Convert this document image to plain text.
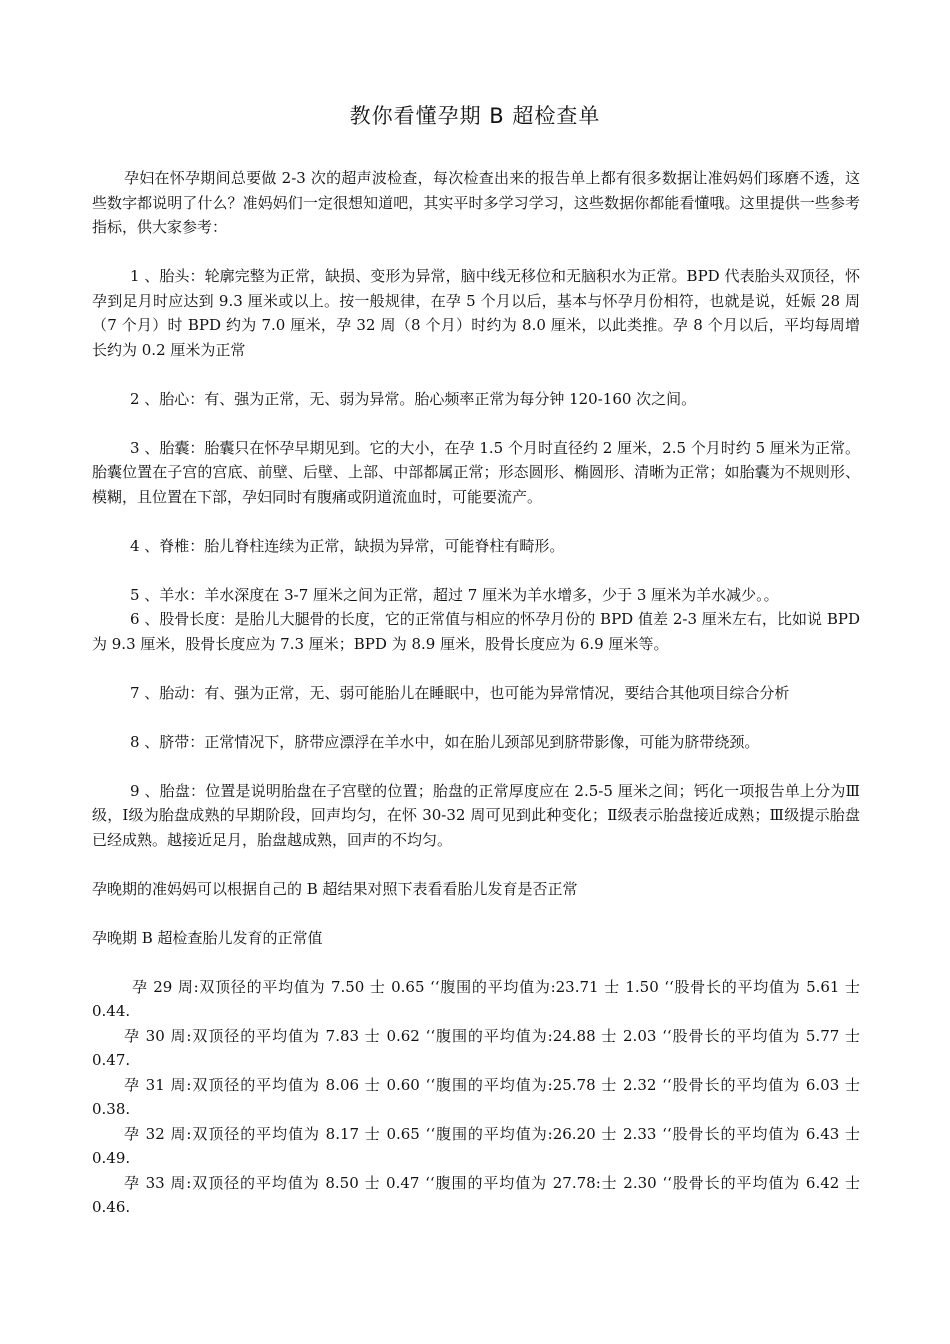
教你看懂孕期 B 超检查单

孕妇在怀孕期间总要做 2-3 次的超声波检查，每次检查出来的报告单上都有很多数据让准妈妈们琢磨不透，这些数字都说明了什么？准妈妈们一定很想知道吧，其实平时多学习学习，这些数据你都能看懂哦。这里提供一些参考指标，供大家参考：

1 、胎头：轮廓完整为正常，缺损、变形为异常，脑中线无移位和无脑积水为正常。BPD 代表胎头双顶径，怀孕到足月时应达到 9.3 厘米或以上。按一般规律，在孕 5 个月以后，基本与怀孕月份相符，也就是说，妊娠 28 周（7 个月）时 BPD 约为 7.0 厘米，孕 32 周（8 个月）时约为 8.0 厘米，以此类推。孕 8 个月以后，平均每周增长约为 0.2 厘米为正常

2 、胎心：有、强为正常，无、弱为异常。胎心频率正常为每分钟 120-160 次之间。

3 、胎囊：胎囊只在怀孕早期见到。它的大小，在孕 1.5 个月时直径约 2 厘米，2.5 个月时约 5 厘米为正常。胎囊位置在子宫的宫底、前壁、后壁、上部、中部都属正常；形态圆形、椭圆形、清晰为正常；如胎囊为不规则形、模糊，且位置在下部，孕妇同时有腹痛或阴道流血时，可能要流产。

4 、脊椎：胎儿脊柱连续为正常，缺损为异常，可能脊柱有畸形。

5 、羊水：羊水深度在 3-7 厘米之间为正常，超过 7 厘米为羊水增多，少于 3 厘米为羊水减少。。

6 、股骨长度：是胎儿大腿骨的长度，它的正常值与相应的怀孕月份的 BPD 值差 2-3 厘米左右，比如说 BPD 为 9.3 厘米，股骨长度应为 7.3 厘米；BPD 为 8.9 厘米，股骨长度应为 6.9 厘米等。

7 、胎动：有、强为正常，无、弱可能胎儿在睡眠中，也可能为异常情况，要结合其他项目综合分析

8 、脐带：正常情况下，脐带应漂浮在羊水中，如在胎儿颈部见到脐带影像，可能为脐带绕颈。

9 、胎盘：位置是说明胎盘在子宫壁的位置；胎盘的正常厚度应在 2.5-5 厘米之间；钙化一项报告单上分为Ⅲ级，Ⅰ级为胎盘成熟的早期阶段，回声均匀，在怀 30-32 周可见到此种变化；Ⅱ级表示胎盘接近成熟；Ⅲ级提示胎盘已经成熟。越接近足月，胎盘越成熟，回声的不均匀。

孕晚期的准妈妈可以根据自己的 B 超结果对照下表看看胎儿发育是否正常

孕晚期 B 超检查胎儿发育的正常值

孕 29 周:双顶径的平均值为 7.50 士 0.65 ‘‘腹围的平均值为:23.71 士 1.50 ‘‘股骨长的平均值为 5.61 士 0.44.

孕 30 周:双顶径的平均值为 7.83 士 0.62 ‘‘腹围的平均值为:24.88 士 2.03 ‘‘股骨长的平均值为 5.77 士 0.47.

孕 31 周:双顶径的平均值为 8.06 士 0.60 ‘‘腹围的平均值为:25.78 士 2.32 ‘‘股骨长的平均值为 6.03 士 0.38.

孕 32 周:双顶径的平均值为 8.17 士 0.65 ‘‘腹围的平均值为:26.20 士 2.33 ‘‘股骨长的平均值为 6.43 士 0.49.

孕 33 周:双顶径的平均值为 8.50 士 0.47 ‘‘腹围的平均值为 27.78:士 2.30 ‘‘股骨长的平均值为 6.42 士 0.46.
